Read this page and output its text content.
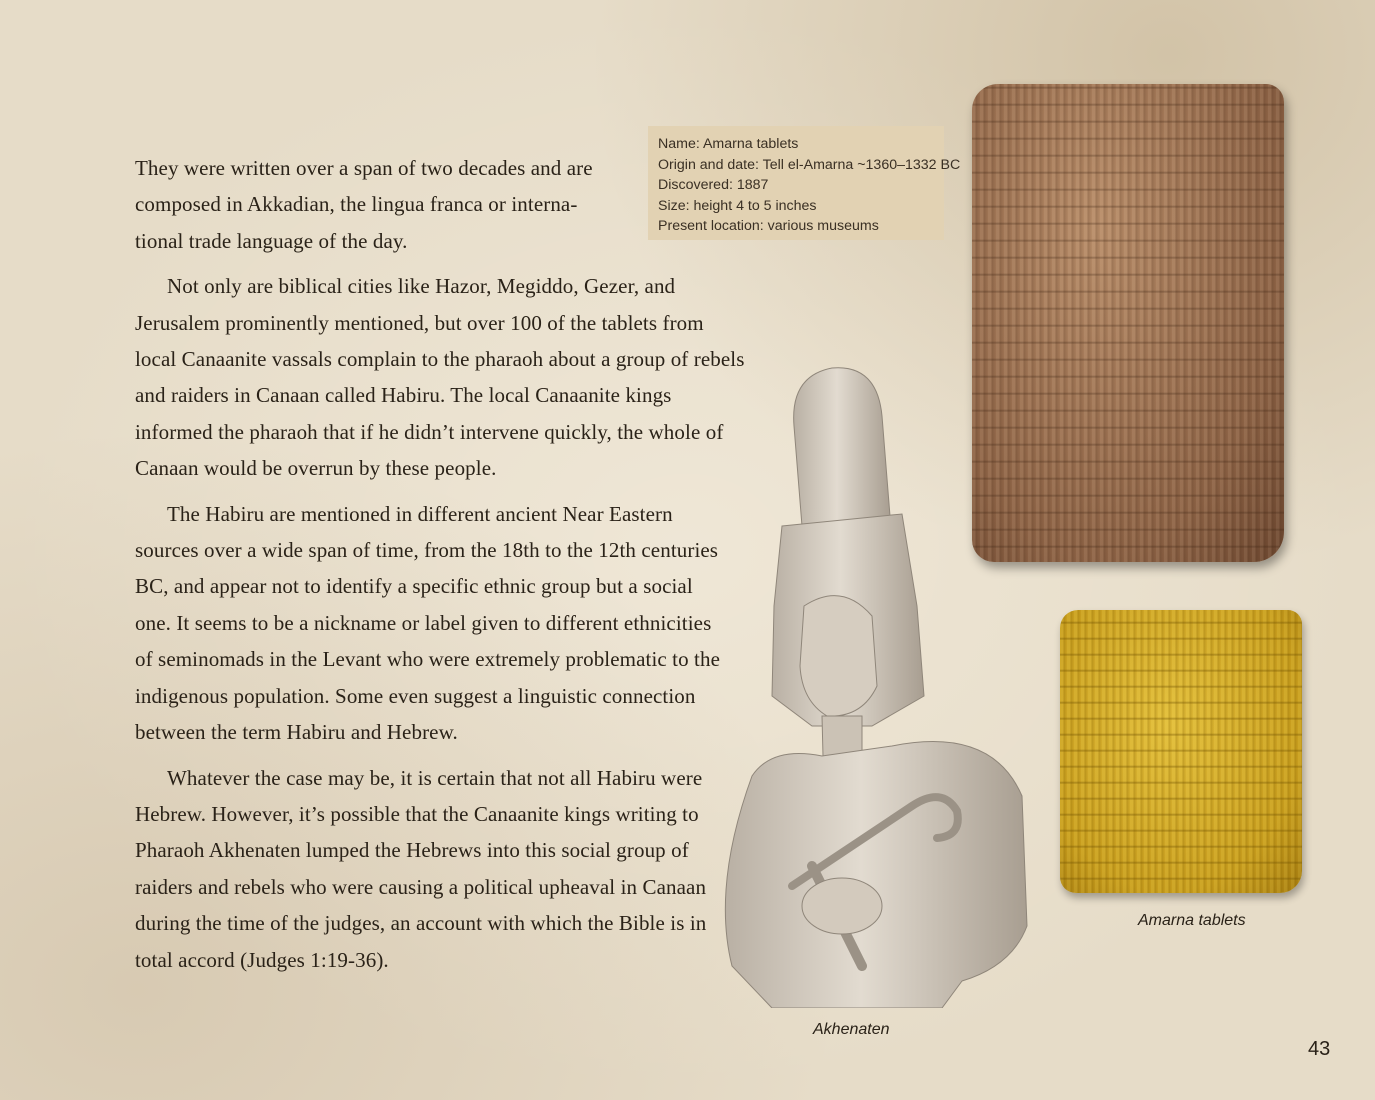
They were written over a span of two decades and are
composed in Akkadian, the lingua franca or interna-
tional trade language of the day.

Not only are biblical cities like Hazor, Megiddo, Gezer, and Jerusalem prominently mentioned, but over 100 of the tablets from local Canaanite vassals complain to the pharaoh about a group of rebels and raiders in Canaan called Habiru. The local Canaanite kings informed the pharaoh that if he didn’t intervene quickly, the whole of Canaan would be overrun by these people.

The Habiru are mentioned in different ancient Near Eastern sources over a wide span of time, from the 18th to the 12th centuries BC, and appear not to identify a specific ethnic group but a social one. It seems to be a nickname or label given to different ethnicities of seminomads in the Levant who were extremely problematic to the indigenous population. Some even suggest a linguistic connection between the term Habiru and Hebrew.

Whatever the case may be, it is certain that not all Habiru were Hebrew. However, it’s possible that the Canaanite kings writing to Pharaoh Akhenaten lumped the Hebrews into this social group of raiders and rebels who were causing a political upheaval in Canaan during the time of the judges, an account with which the Bible is in total accord (Judges 1:19-36).

Name: Amarna tablets
Origin and date: Tell el-Amarna ~1360–1332 BC
Discovered: 1887
Size: height 4 to 5 inches
Present location: various museums
Amarna tablets
Akhenaten
43
